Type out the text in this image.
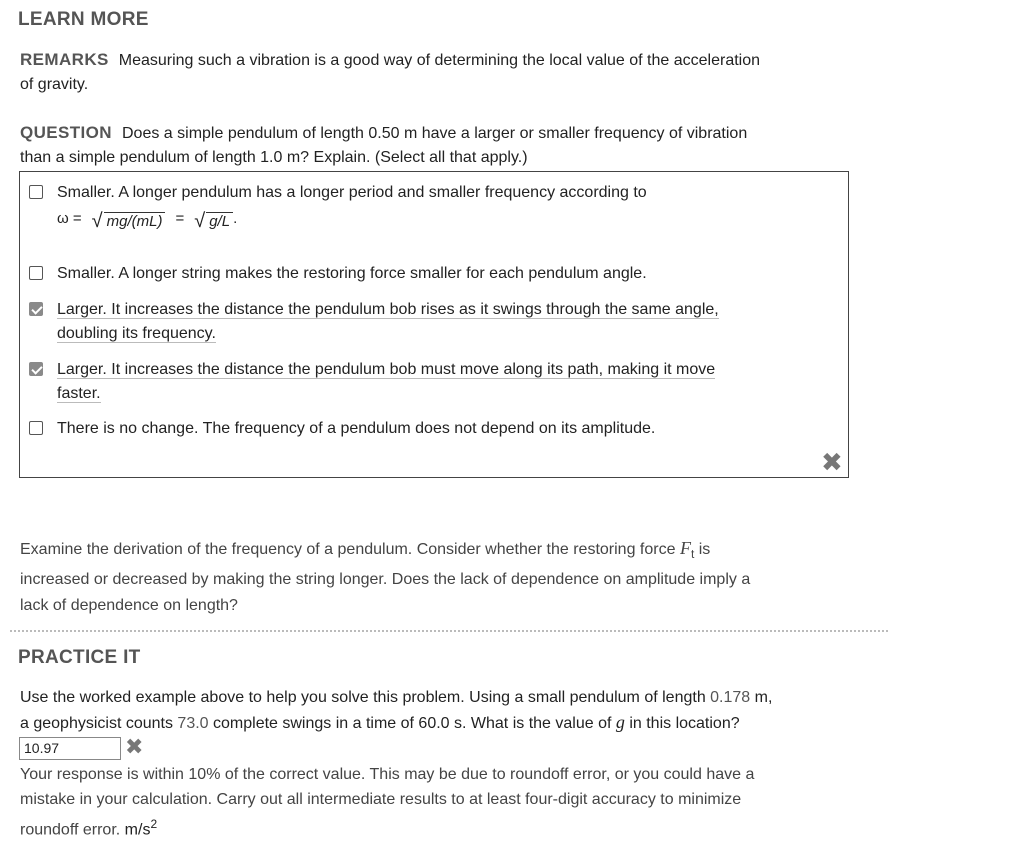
LEARN MORE
REMARKS Measuring such a vibration is a good way of determining the local value of the acceleration
of gravity.
QUESTION Does a simple pendulum of length 0.50 m have a larger or smaller frequency of vibration
than a simple pendulum of length 1.0 m? Explain. (Select all that apply.)
Smaller. A longer pendulum has a longer period and smaller frequency according to
ω = √ mg/(mL) = √ g/L .
Smaller. A longer string makes the restoring force smaller for each pendulum angle.
Larger. It increases the distance the pendulum bob rises as it swings through the same angle,
doubling its frequency.
Larger. It increases the distance the pendulum bob must move along its path, making it move
faster.
There is no change. The frequency of a pendulum does not depend on its amplitude.
✖
Examine the derivation of the frequency of a pendulum. Consider whether the restoring force $F_t$ is
increased or decreased by making the string longer. Does the lack of dependence on amplitude imply a
lack of dependence on length?
PRACTICE IT
Use the worked example above to help you solve this problem. Using a small pendulum of length 0.178 m,
a geophysicist counts 73.0 complete swings in a time of 60.0 s. What is the value of g in this location?
10.97	✖
Your response is within 10% of the correct value. This may be due to roundoff error, or you could have a
mistake in your calculation. Carry out all intermediate results to at least four-digit accuracy to minimize
roundoff error. $m/s^2$
